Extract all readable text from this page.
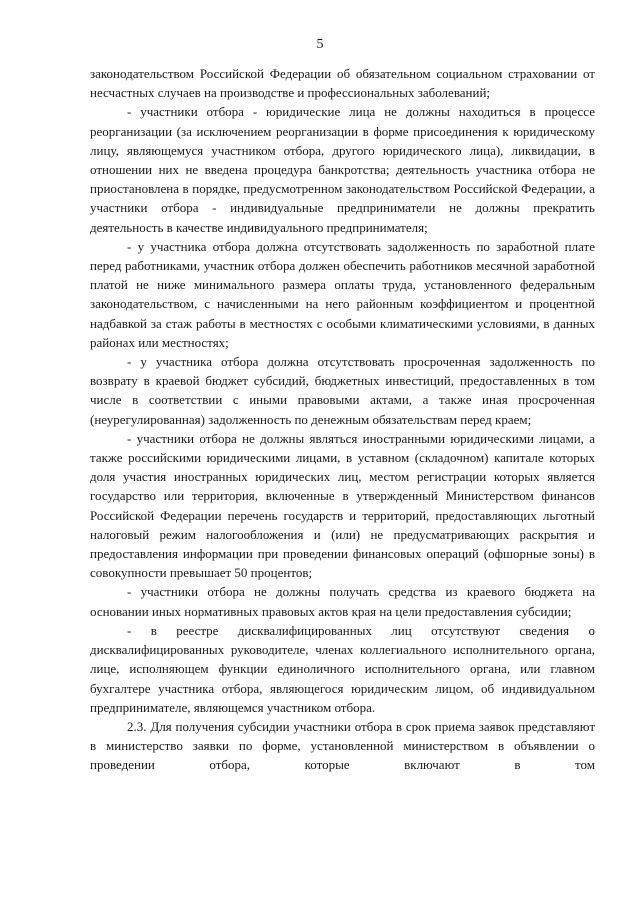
5

законодательством Российской Федерации об обязательном социальном страховании от несчастных случаев на производстве и профессиональных заболеваний;

- участники отбора - юридические лица не должны находиться в процессе реорганизации (за исключением реорганизации в форме присоединения к юридическому лицу, являющемуся участником отбора, другого юридического лица), ликвидации, в отношении них не введена процедура банкротства; деятельность участника отбора не приостановлена в порядке, предусмотренном законодательством Российской Федерации, а участники отбора - индивидуальные предприниматели не должны прекратить деятельность в качестве индивидуального предпринимателя;

- у участника отбора должна отсутствовать задолженность по заработной плате перед работниками, участник отбора должен обеспечить работников месячной заработной платой не ниже минимального размера оплаты труда, установленного федеральным законодательством, с начисленными на него районным коэффициентом и процентной надбавкой за стаж работы в местностях с особыми климатическими условиями, в данных районах или местностях;

- у участника отбора должна отсутствовать просроченная задолженность по возврату в краевой бюджет субсидий, бюджетных инвестиций, предоставленных в том числе в соответствии с иными правовыми актами, а также иная просроченная (неурегулированная) задолженность по денежным обязательствам перед краем;

- участники отбора не должны являться иностранными юридическими лицами, а также российскими юридическими лицами, в уставном (складочном) капитале которых доля участия иностранных юридических лиц, местом регистрации которых является государство или территория, включенные в утвержденный Министерством финансов Российской Федерации перечень государств и территорий, предоставляющих льготный налоговый режим налогообложения и (или) не предусматривающих раскрытия и предоставления информации при проведении финансовых операций (офшорные зоны) в совокупности превышает 50 процентов;

- участники отбора не должны получать средства из краевого бюджета на основании иных нормативных правовых актов края на цели предоставления субсидии;

- в реестре дисквалифицированных лиц отсутствуют сведения о дисквалифицированных руководителе, членах коллегиального исполнительного органа, лице, исполняющем функции единоличного исполнительного органа, или главном бухгалтере участника отбора, являющегося юридическим лицом, об индивидуальном предпринимателе, являющемся участником отбора.

2.3. Для получения субсидии участники отбора в срок приема заявок представляют в министерство заявки по форме, установленной министерством в объявлении о проведении отбора, которые включают в том
